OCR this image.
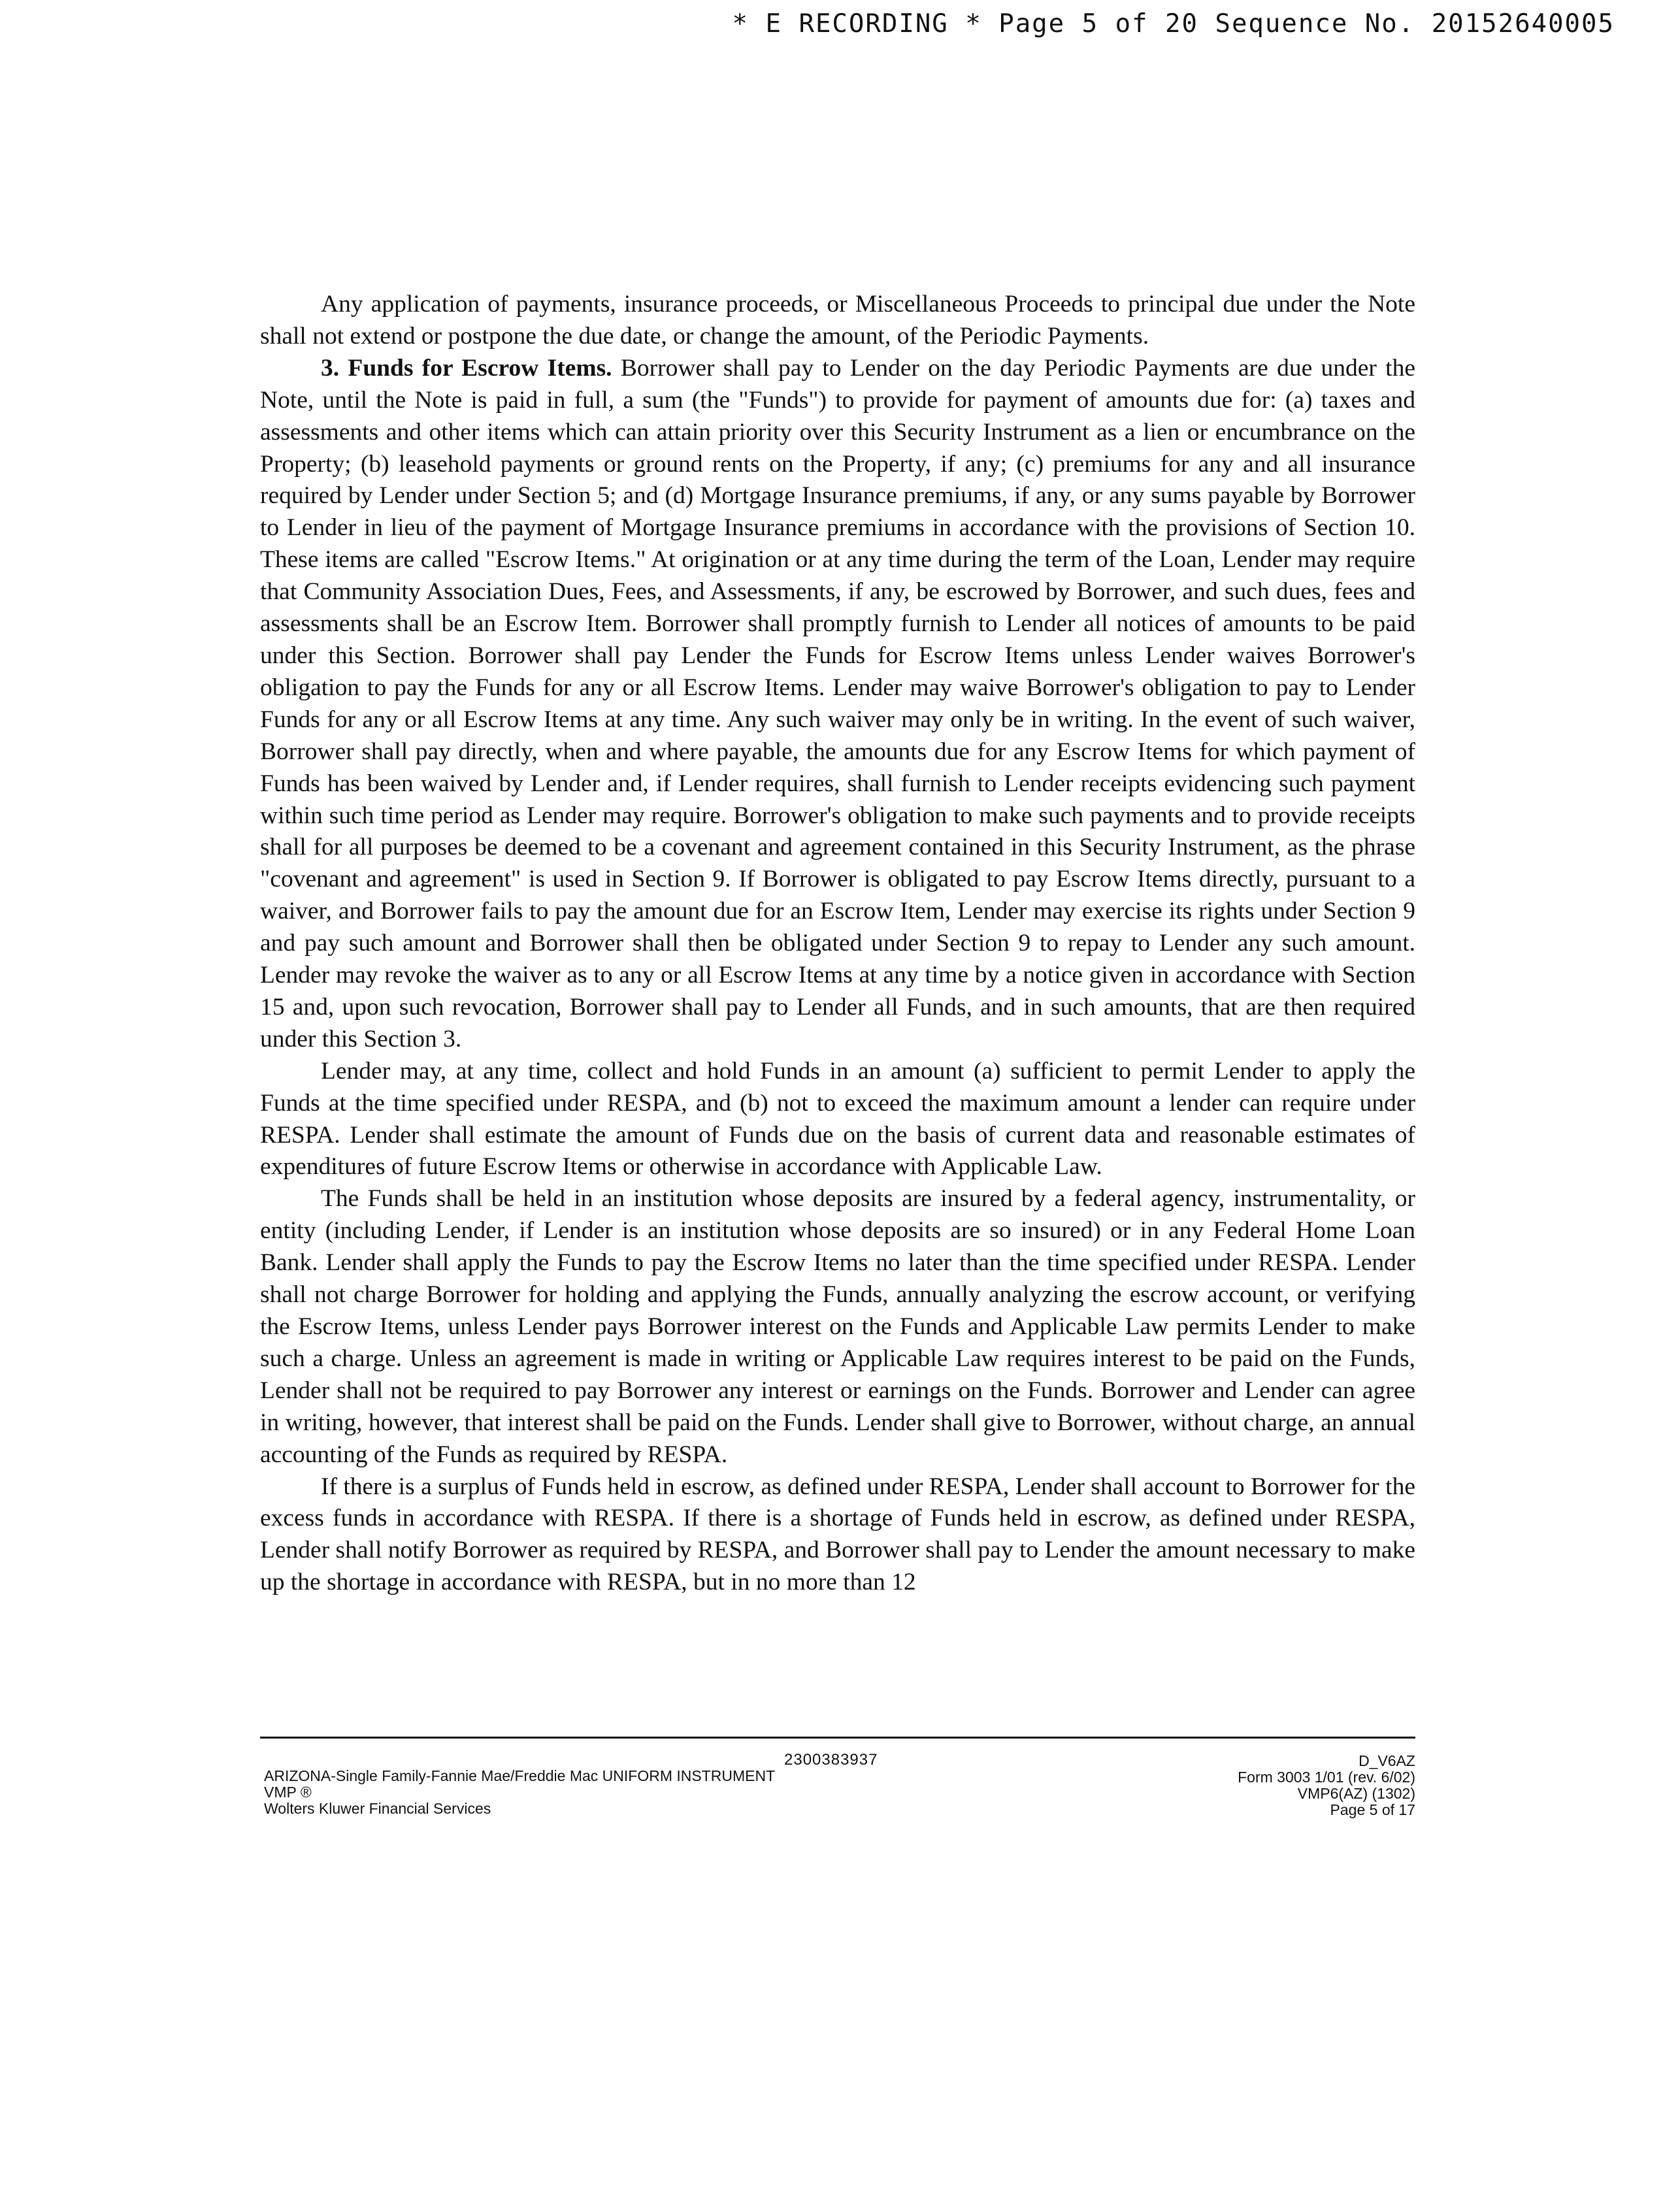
* E RECORDING * Page 5 of 20 Sequence No. 20152640005

Any application of payments, insurance proceeds, or Miscellaneous Proceeds to principal due under the Note shall not extend or postpone the due date, or change the amount, of the Periodic Payments.

3. Funds for Escrow Items. Borrower shall pay to Lender on the day Periodic Payments are due under the Note, until the Note is paid in full, a sum (the "Funds") to provide for payment of amounts due for: (a) taxes and assessments and other items which can attain priority over this Security Instrument as a lien or encumbrance on the Property; (b) leasehold payments or ground rents on the Property, if any; (c) premiums for any and all insurance required by Lender under Section 5; and (d) Mortgage Insurance premiums, if any, or any sums payable by Borrower to Lender in lieu of the payment of Mortgage Insurance premiums in accordance with the provisions of Section 10. These items are called "Escrow Items." At origination or at any time during the term of the Loan, Lender may require that Community Association Dues, Fees, and Assessments, if any, be escrowed by Borrower, and such dues, fees and assessments shall be an Escrow Item. Borrower shall promptly furnish to Lender all notices of amounts to be paid under this Section. Borrower shall pay Lender the Funds for Escrow Items unless Lender waives Borrower's obligation to pay the Funds for any or all Escrow Items. Lender may waive Borrower's obligation to pay to Lender Funds for any or all Escrow Items at any time. Any such waiver may only be in writing. In the event of such waiver, Borrower shall pay directly, when and where payable, the amounts due for any Escrow Items for which payment of Funds has been waived by Lender and, if Lender requires, shall furnish to Lender receipts evidencing such payment within such time period as Lender may require. Borrower's obligation to make such payments and to provide receipts shall for all purposes be deemed to be a covenant and agreement contained in this Security Instrument, as the phrase "covenant and agreement" is used in Section 9. If Borrower is obligated to pay Escrow Items directly, pursuant to a waiver, and Borrower fails to pay the amount due for an Escrow Item, Lender may exercise its rights under Section 9 and pay such amount and Borrower shall then be obligated under Section 9 to repay to Lender any such amount. Lender may revoke the waiver as to any or all Escrow Items at any time by a notice given in accordance with Section 15 and, upon such revocation, Borrower shall pay to Lender all Funds, and in such amounts, that are then required under this Section 3.

Lender may, at any time, collect and hold Funds in an amount (a) sufficient to permit Lender to apply the Funds at the time specified under RESPA, and (b) not to exceed the maximum amount a lender can require under RESPA. Lender shall estimate the amount of Funds due on the basis of current data and reasonable estimates of expenditures of future Escrow Items or otherwise in accordance with Applicable Law.

The Funds shall be held in an institution whose deposits are insured by a federal agency, instrumentality, or entity (including Lender, if Lender is an institution whose deposits are so insured) or in any Federal Home Loan Bank. Lender shall apply the Funds to pay the Escrow Items no later than the time specified under RESPA. Lender shall not charge Borrower for holding and applying the Funds, annually analyzing the escrow account, or verifying the Escrow Items, unless Lender pays Borrower interest on the Funds and Applicable Law permits Lender to make such a charge. Unless an agreement is made in writing or Applicable Law requires interest to be paid on the Funds, Lender shall not be required to pay Borrower any interest or earnings on the Funds. Borrower and Lender can agree in writing, however, that interest shall be paid on the Funds. Lender shall give to Borrower, without charge, an annual accounting of the Funds as required by RESPA.

If there is a surplus of Funds held in escrow, as defined under RESPA, Lender shall account to Borrower for the excess funds in accordance with RESPA. If there is a shortage of Funds held in escrow, as defined under RESPA, Lender shall notify Borrower as required by RESPA, and Borrower shall pay to Lender the amount necessary to make up the shortage in accordance with RESPA, but in no more than 12

2300383937
ARIZONA-Single Family-Fannie Mae/Freddie Mac UNIFORM INSTRUMENT
VMP ®
Wolters Kluwer Financial Services
D_V6AZ
Form 3003 1/01 (rev. 6/02)
VMP6(AZ) (1302)
Page 5 of 17
